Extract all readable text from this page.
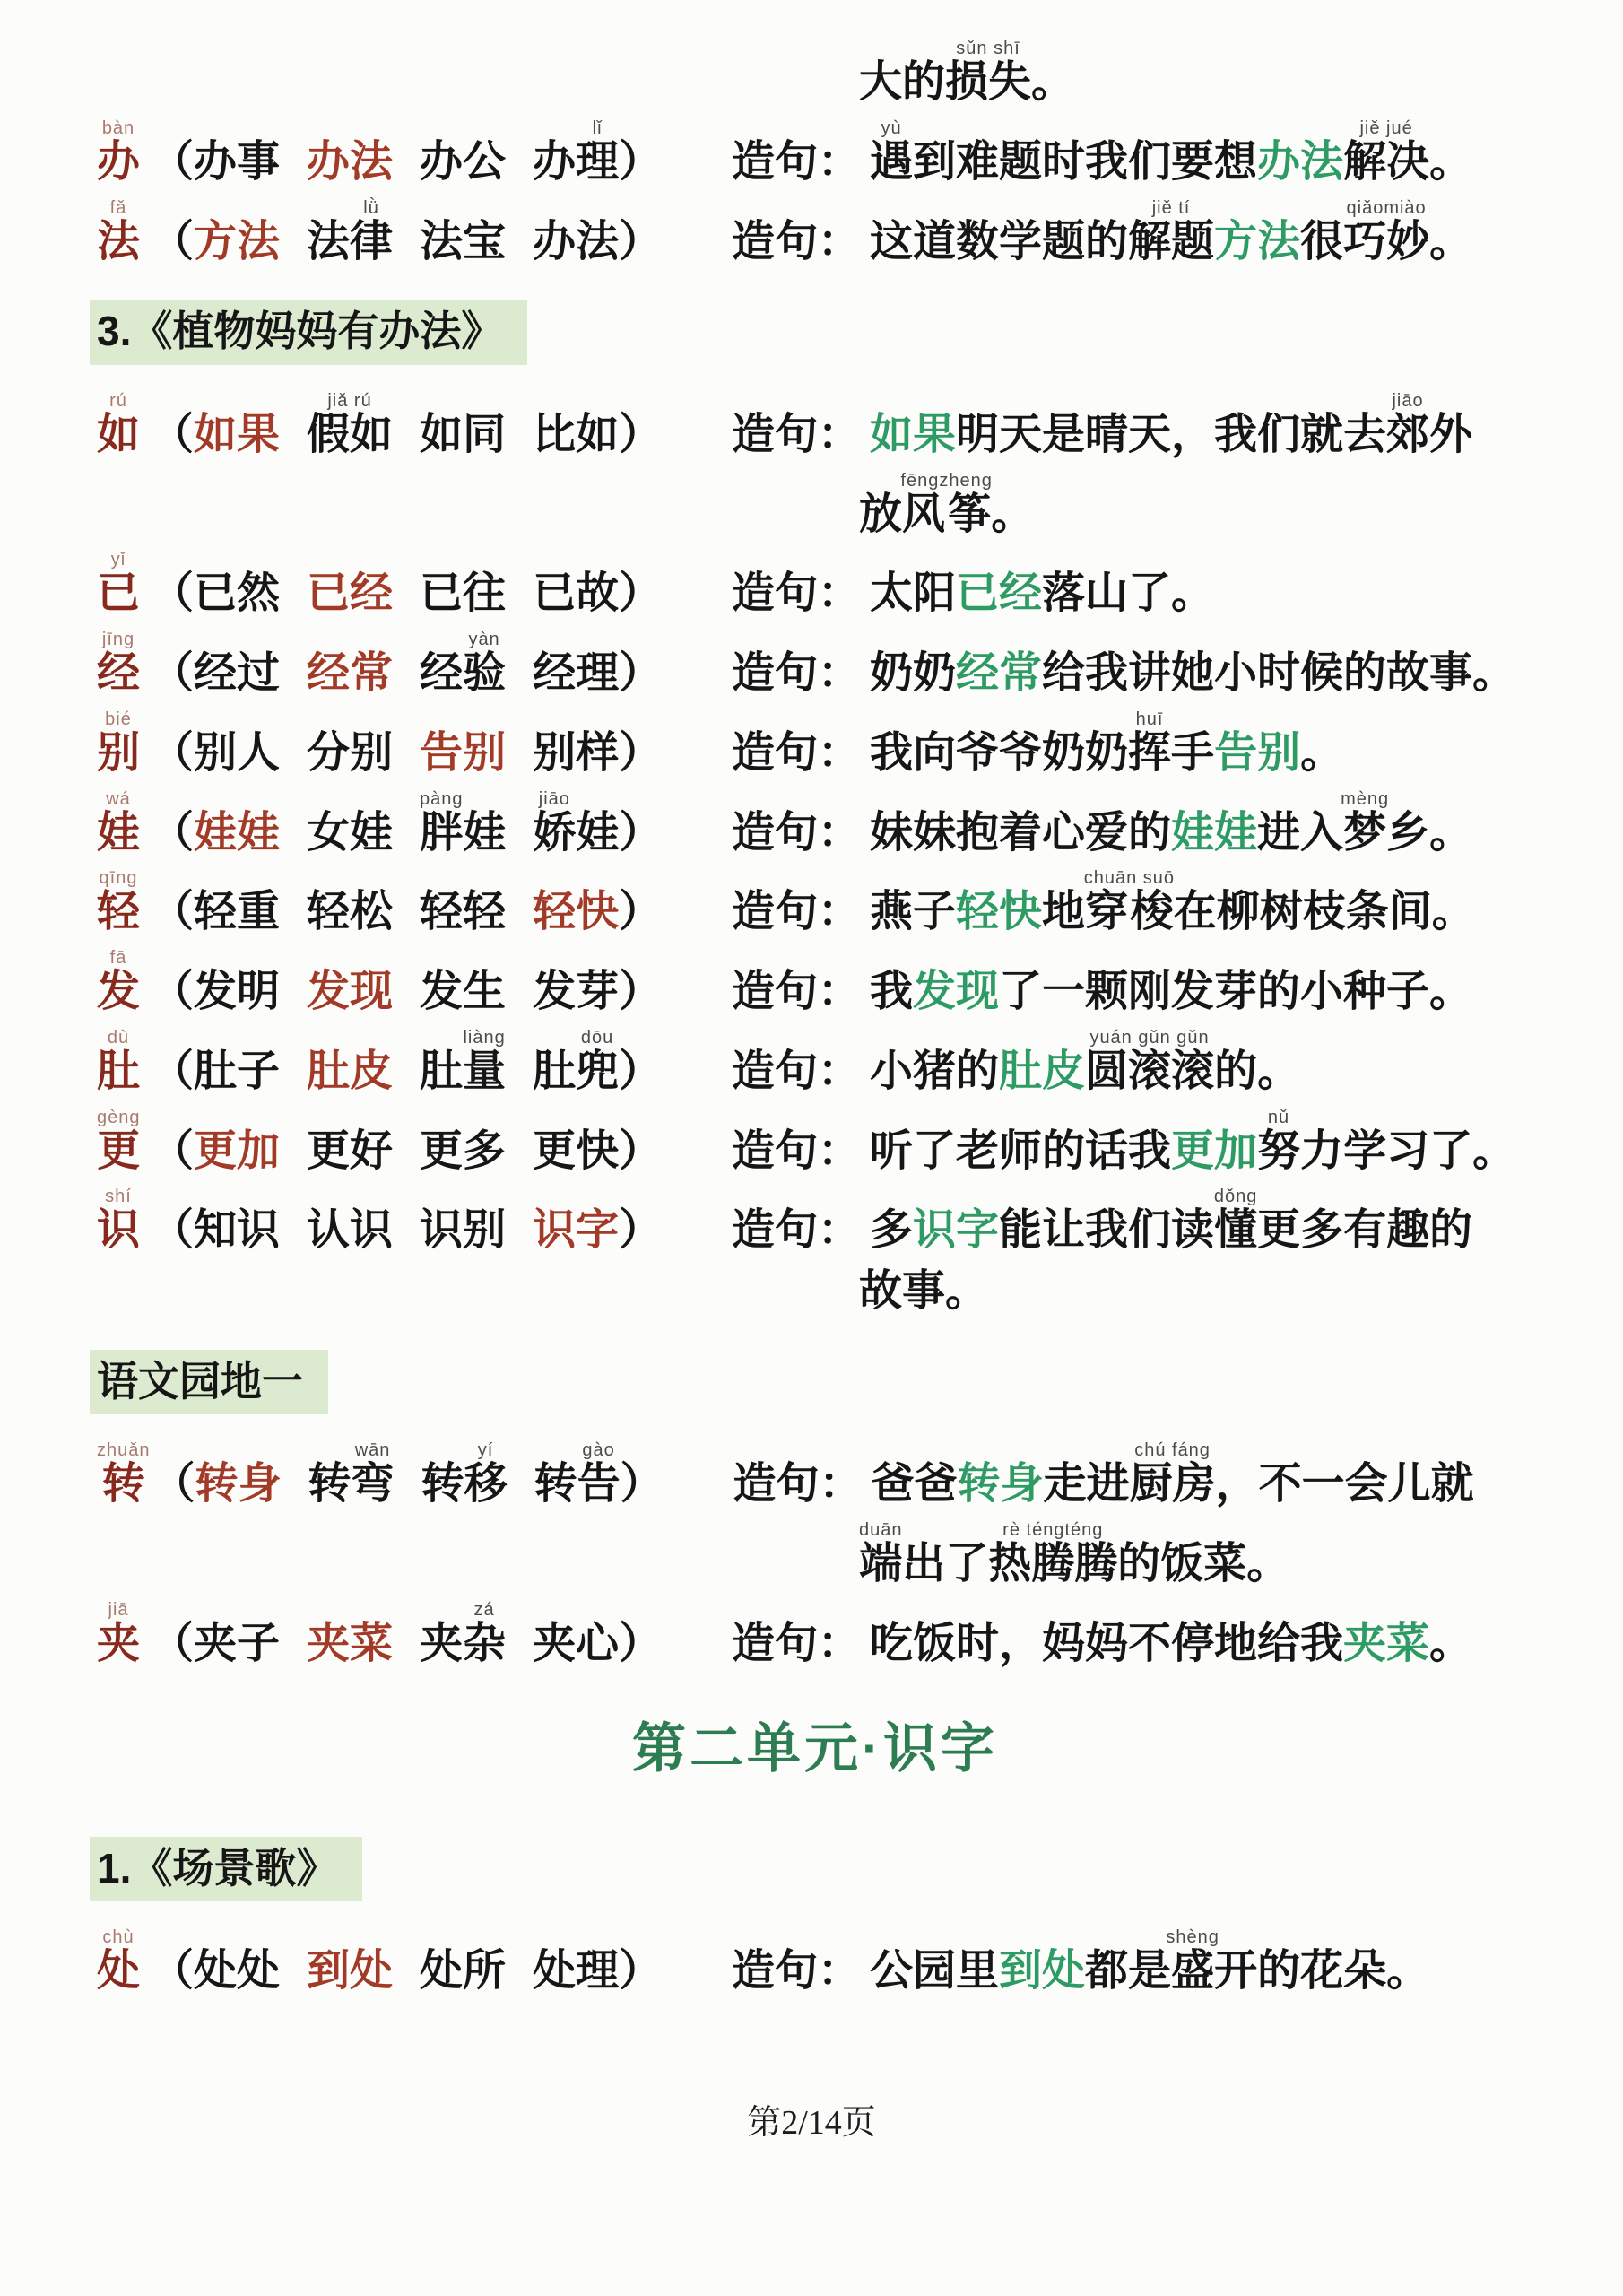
大的损失sǔn shī。
办bàn（办事 办法 办公 办理lǐ） 造句： 遇yù到难题时我们要想办法解决jiě jué。
法fǎ（方法 法律lǜ法宝 办法） 造句： 这道数学题的解题jiě tí方法很巧妙qiǎomiào。
3.《植物妈妈有办法》
如rú（如果 假如jiǎ rú如同 比如） 造句： 如果明天是晴天，我们就去郊jiāo外
放风筝fēngzheng。
已yǐ（已然 已经 已往 已故） 造句： 太阳已经落山了。
经jīng（经过 经常 经验yàn经理） 造句： 奶奶经常给我讲她小时候的故事。
别bié（别人 分别 告别 别样） 造句： 我向爷爷奶奶挥huī手告别。
娃wá（娃娃 女娃 胖pàng娃 娇jiāo娃） 造句： 妹妹抱着心爱的娃娃进入梦mèng乡。
轻qīng（轻重 轻松 轻轻 轻快） 造句： 燕子轻快地穿梭chuān suō在柳树枝条间。
发fā（发明 发现 发生 发芽） 造句： 我发现了一颗刚发芽的小种子。
肚dù（肚子 肚皮 肚量liàng肚兜dōu） 造句： 小猪的肚皮圆滚滚yuán gǔn gǔn的。
更gèng（更加 更好 更多 更快） 造句： 听了老师的话我更加努nǔ力学习了。
识shí（知识 认识 识别 识字） 造句： 多识字能让我们读懂dǒng更多有趣的
故事。
语文园地一
转zhuǎn（转身 转弯wān转移yí转告gào） 造句： 爸爸转身走进厨房chú fáng，不一会儿就
端duān出了热腾腾rè téngténg的饭菜。
夹jiā（夹子 夹菜 夹杂zá夹心） 造句： 吃饭时，妈妈不停地给我夹菜。
第二单元·识字
1.《场景歌》
处chù（处处 到处 处所 处理） 造句： 公园里到处都是盛shèng开的花朵。
第2/14页
